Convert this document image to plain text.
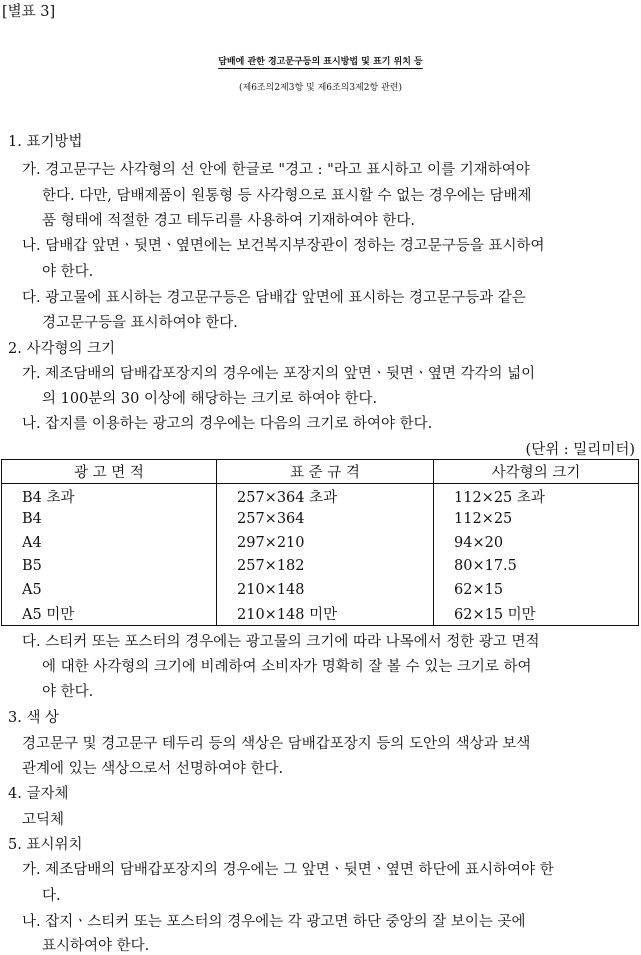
[별표 3]
담배에 관한 경고문구등의 표시방법 및 표기 위치 등
(제6조의2제3항 및 제6조의3제2항 관련)
1. 표기방법
가. 경고문구는 사각형의 선 안에 한글로 "경고 : "라고 표시하고 이를 기재하여야
한다. 다만, 담배제품이 원통형 등 사각형으로 표시할 수 없는 경우에는 담배제
품 형태에 적절한 경고 테두리를 사용하여 기재하여야 한다.
나. 담배갑 앞면ㆍ뒷면ㆍ옆면에는 보건복지부장관이 정하는 경고문구등을 표시하여
야 한다.
다. 광고물에 표시하는 경고문구등은 담배갑 앞면에 표시하는 경고문구등과 같은
경고문구등을 표시하여야 한다.
2. 사각형의 크기
가. 제조담배의 담배갑포장지의 경우에는 포장지의 앞면ㆍ뒷면ㆍ옆면 각각의 넓이
의 100분의 30 이상에 해당하는 크기로 하여야 한다.
나. 잡지를 이용하는 광고의 경우에는 다음의 크기로 하여야 한다.
(단위 : 밀리미터)
광 고 면 적	표 준 규 격	사각형의 크기
B4 초과	257×364 초과	112×25 초과
B4	257×364	112×25
A4	297×210	94×20
B5	257×182	80×17.5
A5	210×148	62×15
A5 미만	210×148 미만	62×15 미만
다. 스티커 또는 포스터의 경우에는 광고물의 크기에 따라 나목에서 정한 광고 면적
에 대한 사각형의 크기에 비례하여 소비자가 명확히 잘 볼 수 있는 크기로 하여
야 한다.
3. 색 상
경고문구 및 경고문구 테두리 등의 색상은 담배갑포장지 등의 도안의 색상과 보색
관계에 있는 색상으로서 선명하여야 한다.
4. 글자체
고딕체
5. 표시위치
가. 제조담배의 담배갑포장지의 경우에는 그 앞면ㆍ뒷면ㆍ옆면 하단에 표시하여야 한
다.
나. 잡지ㆍ스티커 또는 포스터의 경우에는 각 광고면 하단 중앙의 잘 보이는 곳에
표시하여야 한다.
